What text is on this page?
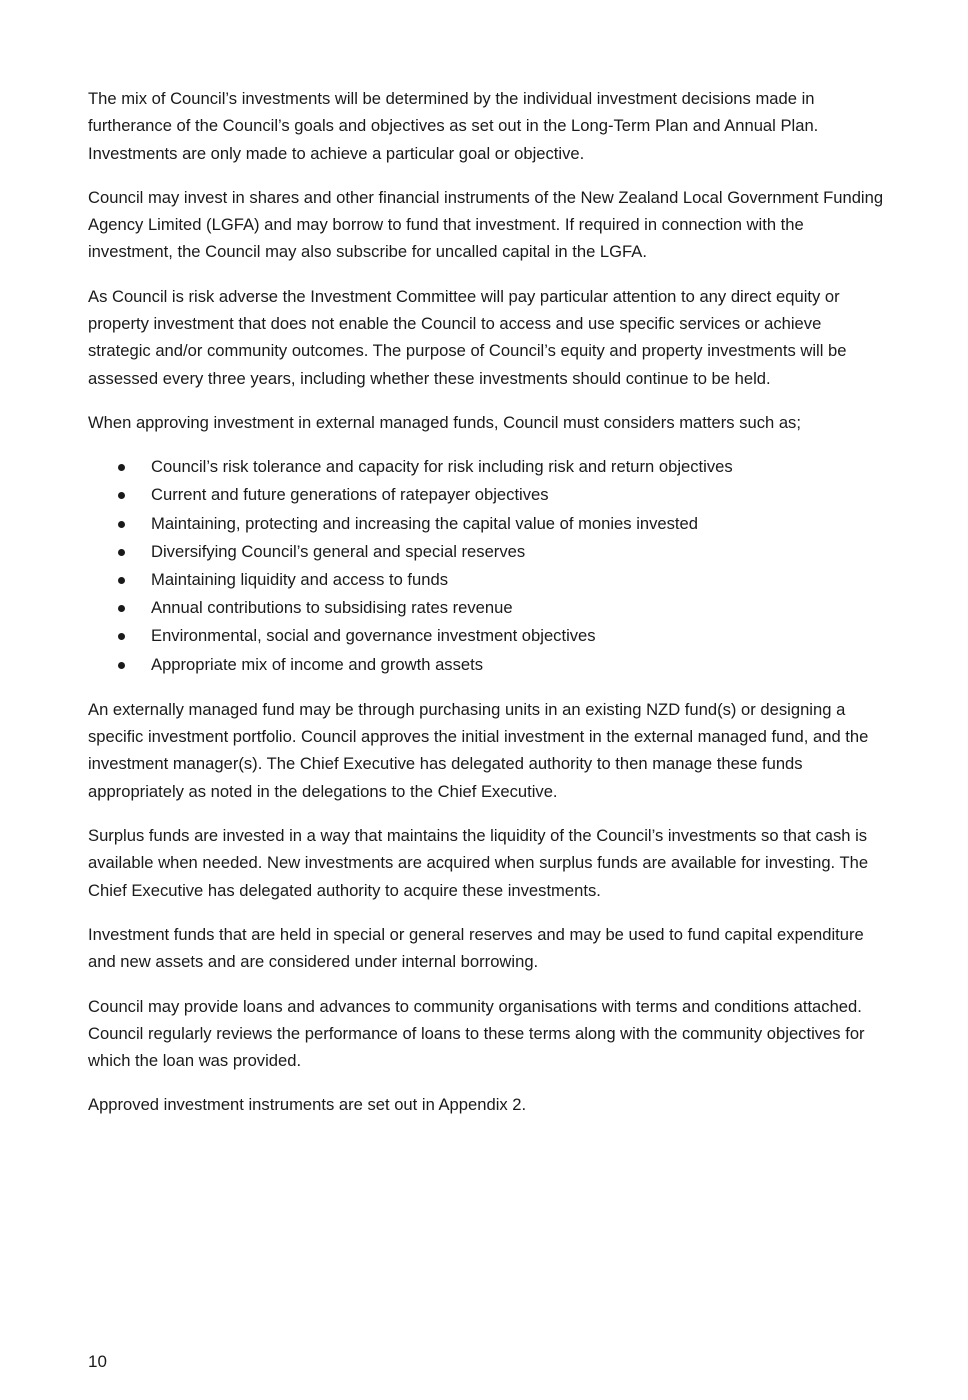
The mix of Council’s investments will be determined by the individual investment decisions made in furtherance of the Council’s goals and objectives as set out in the Long-Term Plan and Annual Plan. Investments are only made to achieve a particular goal or objective.

Council may invest in shares and other financial instruments of the New Zealand Local Government Funding Agency Limited (LGFA) and may borrow to fund that investment. If required in connection with the investment, the Council may also subscribe for uncalled capital in the LGFA.

As Council is risk adverse the Investment Committee will pay particular attention to any direct equity or property investment that does not enable the Council to access and use specific services or achieve strategic and/or community outcomes. The purpose of Council’s equity and property investments will be assessed every three years, including whether these investments should continue to be held.

When approving investment in external managed funds, Council must considers matters such as;

Council’s risk tolerance and capacity for risk including risk and return objectives
Current and future generations of ratepayer objectives
Maintaining, protecting and increasing the capital value of monies invested
Diversifying Council’s general and special reserves
Maintaining liquidity and access to funds
Annual contributions to subsidising rates revenue
Environmental, social and governance investment objectives
Appropriate mix of income and growth assets

An externally managed fund may be through purchasing units in an existing NZD fund(s) or designing a specific investment portfolio. Council approves the initial investment in the external managed fund, and the investment manager(s). The Chief Executive has delegated authority to then manage these funds appropriately as noted in the delegations to the Chief Executive.

Surplus funds are invested in a way that maintains the liquidity of the Council’s investments so that cash is available when needed. New investments are acquired when surplus funds are available for investing. The Chief Executive has delegated authority to acquire these investments.

Investment funds that are held in special or general reserves and may be used to fund capital expenditure and new assets and are considered under internal borrowing.

Council may provide loans and advances to community organisations with terms and conditions attached. Council regularly reviews the performance of loans to these terms along with the community objectives for which the loan was provided.

Approved investment instruments are set out in Appendix 2.

10
